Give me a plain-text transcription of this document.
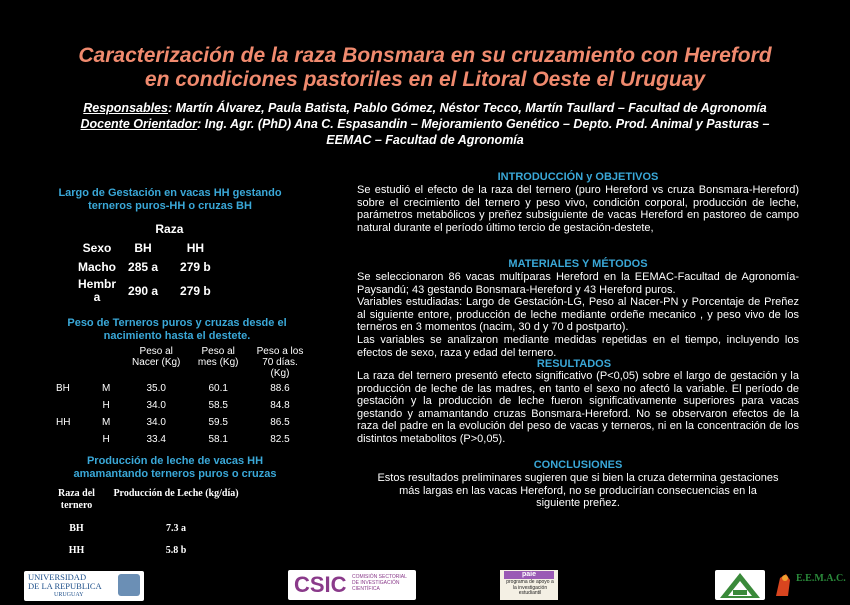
Caracterización de la raza Bonsmara en su cruzamiento con Hereford
en condiciones pastoriles en el Litoral Oeste el Uruguay
Responsables: Martín Álvarez, Paula Batista, Pablo Gómez, Néstor Tecco, Martín Taullard – Facultad de Agronomía
Docente Orientador: Ing. Agr. (PhD) Ana C. Espasandin – Mejoramiento Genético – Depto. Prod. Animal y Pasturas –
EEMAC – Facultad de Agronomía
Largo de Gestación en vacas HH gestando terneros puros-HH o cruzas BH
	Raza	
Sexo	BH	HH
Macho	285 a	279 b
Hembra	290 a	279 b
Peso de Terneros puros y cruzas desde el nacimiento hasta el destete.
		Peso al Nacer (Kg)	Peso al mes (Kg)	Peso a los 70 días. (Kg)
BH	M	35.0	60.1	88.6
	H	34.0	58.5	84.8
HH	M	34.0	59.5	86.5
	H	33.4	58.1	82.5
Producción de leche de vacas HH amamantando terneros puros o cruzas
Raza del ternero	Producción de Leche (kg/día)
BH	7.3 a
HH	5.8 b
INTRODUCCIÓN y OBJETIVOS
Se estudió el efecto de la raza del ternero (puro Hereford vs cruza Bonsmara-Hereford) sobre el crecimiento del ternero y peso vivo, condición corporal, producción de leche, parámetros metabólicos y preñez subsiguiente de vacas Hereford en pastoreo de campo natural durante el período último tercio de gestación-destete,
MATERIALES Y MÉTODOS
Se seleccionaron 86 vacas multíparas Hereford en la EEMAC-Facultad de Agronomía-Paysandú; 43 gestando Bonsmara-Hereford y 43 Hereford puros.
Variables estudiadas: Largo de Gestación-LG, Peso al Nacer-PN y Porcentaje de Preñez al siguiente entore, producción de leche mediante ordeñe mecanico , y peso vivo de los terneros en 3 momentos (nacim, 30 d y 70 d postparto).
Las variables se analizaron mediante medidas repetidas en el tiempo, incluyendo los efectos de sexo, raza y edad del ternero.
RESULTADOS
La raza del ternero presentó efecto significativo (P<0,05) sobre el largo de gestación y la producción de leche de las madres, en tanto el sexo no afectó la variable. El período de gestación y la producción de leche fueron significativamente superiores para vacas gestando y amamantando cruzas Bonsmara-Hereford. No se observaron efectos de la raza del padre en la evolución del peso de vacas y terneros, ni en la concentración de los distintos metabolitos (P>0,05).
CONCLUSIONES
Estos resultados preliminares sugieren que si bien la cruza determina gestaciones más largas en las vacas Hereford, no se producirían consecuencias en la siguiente preñez.
UNIVERSIDAD
DE LA REPUBLICA
URUGUAY	CSIC COMISIÓN SECTORIAL DE INVESTIGACIÓN CIENTÍFICA
paie
programa de apoyo a la investigación estudiantil
E.E.M.A.C.
